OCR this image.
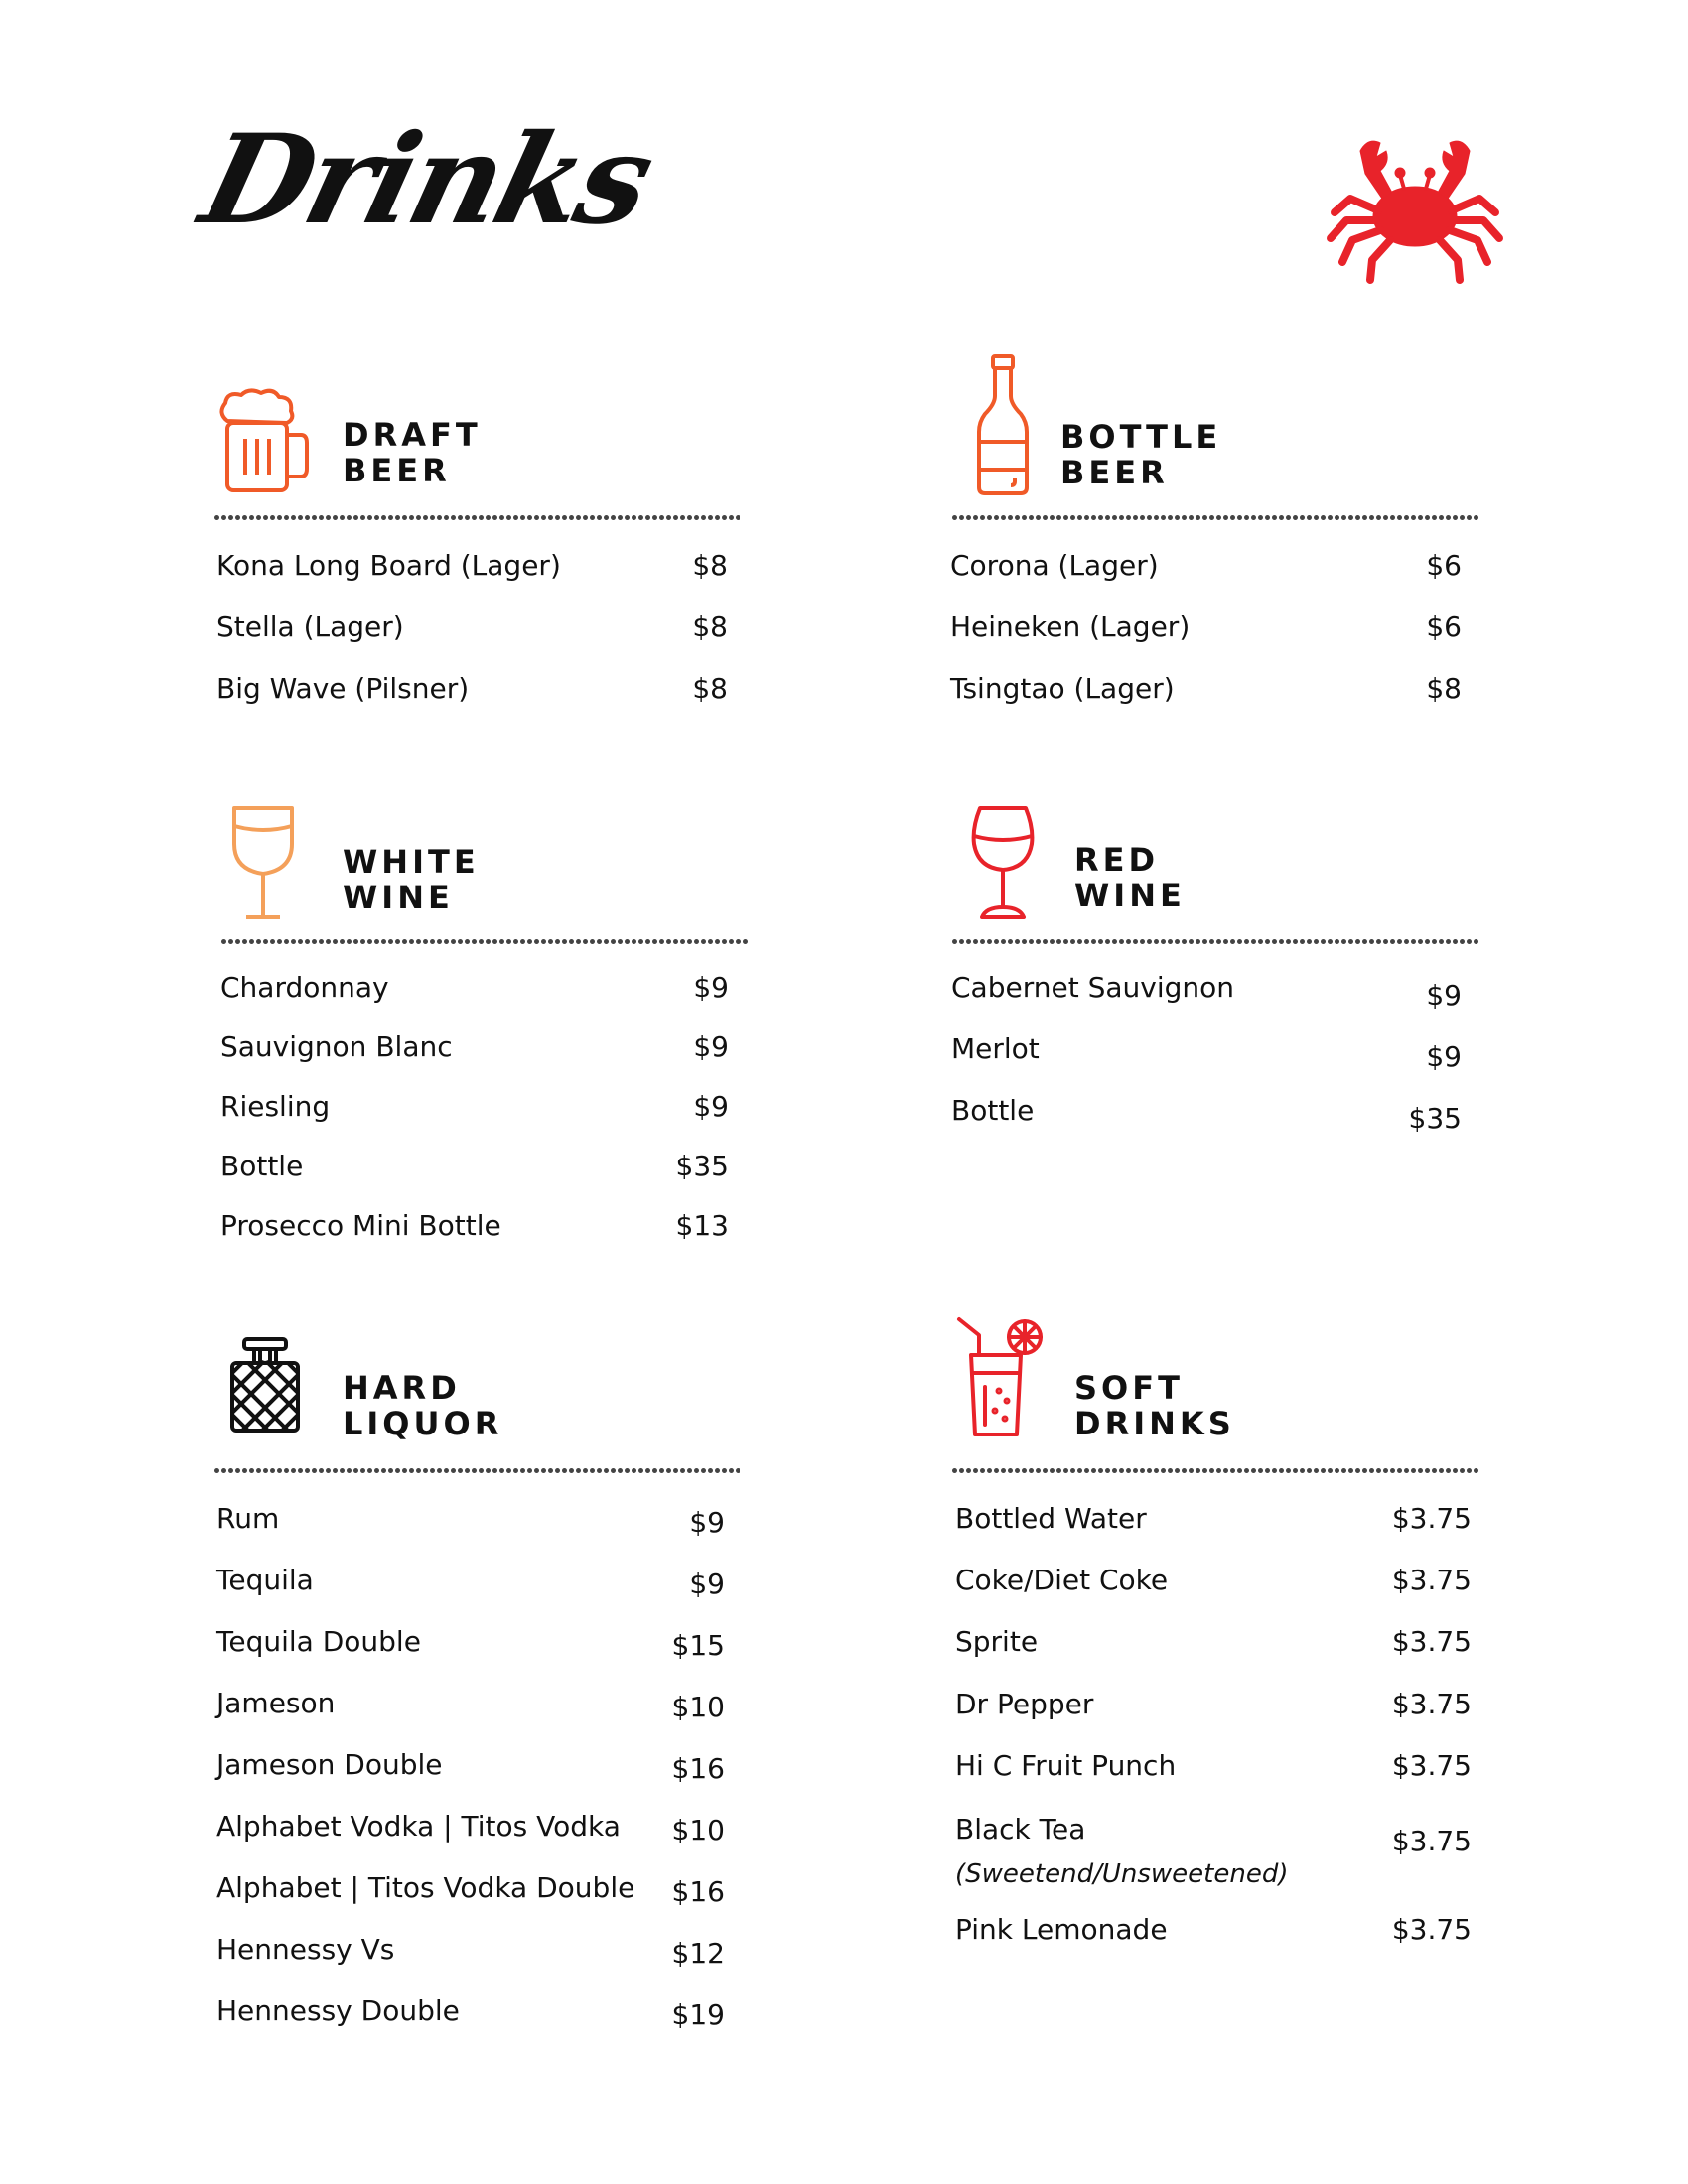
Drinks
DRAFT
BEER
Kona Long Board (Lager)	$8
Stella (Lager)	$8
Big Wave (Pilsner)	$8
BOTTLE
BEER
Corona (Lager)	$6
Heineken (Lager)	$6
Tsingtao (Lager)	$8
WHITE
WINE
Chardonnay	$9
Sauvignon Blanc	$9
Riesling	$9
Bottle	$35
Prosecco Mini Bottle	$13
RED
WINE
Cabernet Sauvignon	$9
Merlot	$9
Bottle	$35
HARD
LIQUOR
Rum	$9
Tequila	$9
Tequila Double	$15
Jameson	$10
Jameson Double	$16
Alphabet Vodka | Titos Vodka $10
Alphabet | Titos Vodka Double $16
Hennessy Vs	$12
Hennessy Double	$19
SOFT
DRINKS
Bottled Water	$3.75
Coke/Diet Coke	$3.75
Sprite	$3.75
Dr Pepper	$3.75
Hi C Fruit Punch	$3.75
Black Tea	$3.75
(Sweetend/Unsweetened)
Pink Lemonade	$3.75
